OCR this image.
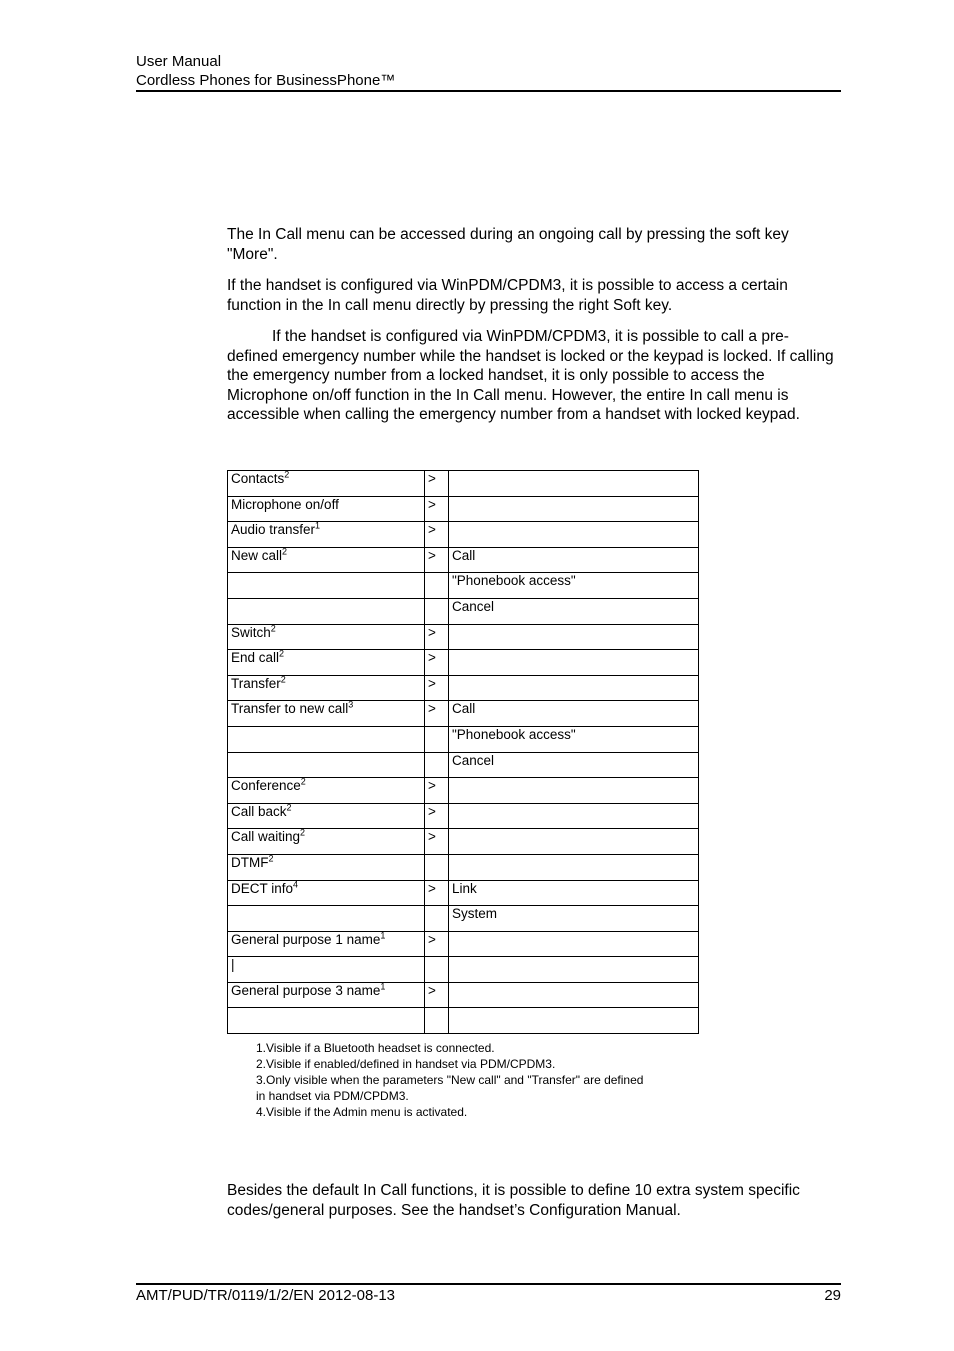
User Manual
Cordless Phones for BusinessPhone™

The In Call menu can be accessed during an ongoing call by pressing the soft key "More".

If the handset is configured via WinPDM/CPDM3, it is possible to access a certain function in the In call menu directly by pressing the right Soft key.

If the handset is configured via WinPDM/CPDM3, it is possible to call a pre-defined emergency number while the handset is locked or the keypad is locked. If calling the emergency number from a locked handset, it is only possible to access the Microphone on/off function in the In Call menu. However, the entire In call menu is accessible when calling the emergency number from a handset with locked keypad.

Contacts$^2$	>	
Microphone on/off	>	
Audio transfer$^1$	>	
New call$^2$	>	Call
		"Phonebook access"
		Cancel
Switch$^2$	>	
End call$^2$	>	
Transfer$^2$	>	
Transfer to new call$^3$	>	Call
		"Phonebook access"
		Cancel
Conference$^2$	>	
Call back$^2$	>	
Call waiting$^2$	>	
DTMF$^2$		
DECT info$^4$	>	Link
		System
General purpose 1 name$^1$	>	
|		
General purpose 3 name$^1$	>	

1.Visible if a Bluetooth headset is connected.
2.Visible if enabled/defined in handset via PDM/CPDM3.
3.Only visible when the parameters "New call" and "Transfer" are defined
in handset via PDM/CPDM3.
4.Visible if the Admin menu is activated.

Besides the default In Call functions, it is possible to define 10 extra system specific codes/general purposes. See the handset’s Configuration Manual.

AMT/PUD/TR/0119/1/2/EN 2012-08-13	29
